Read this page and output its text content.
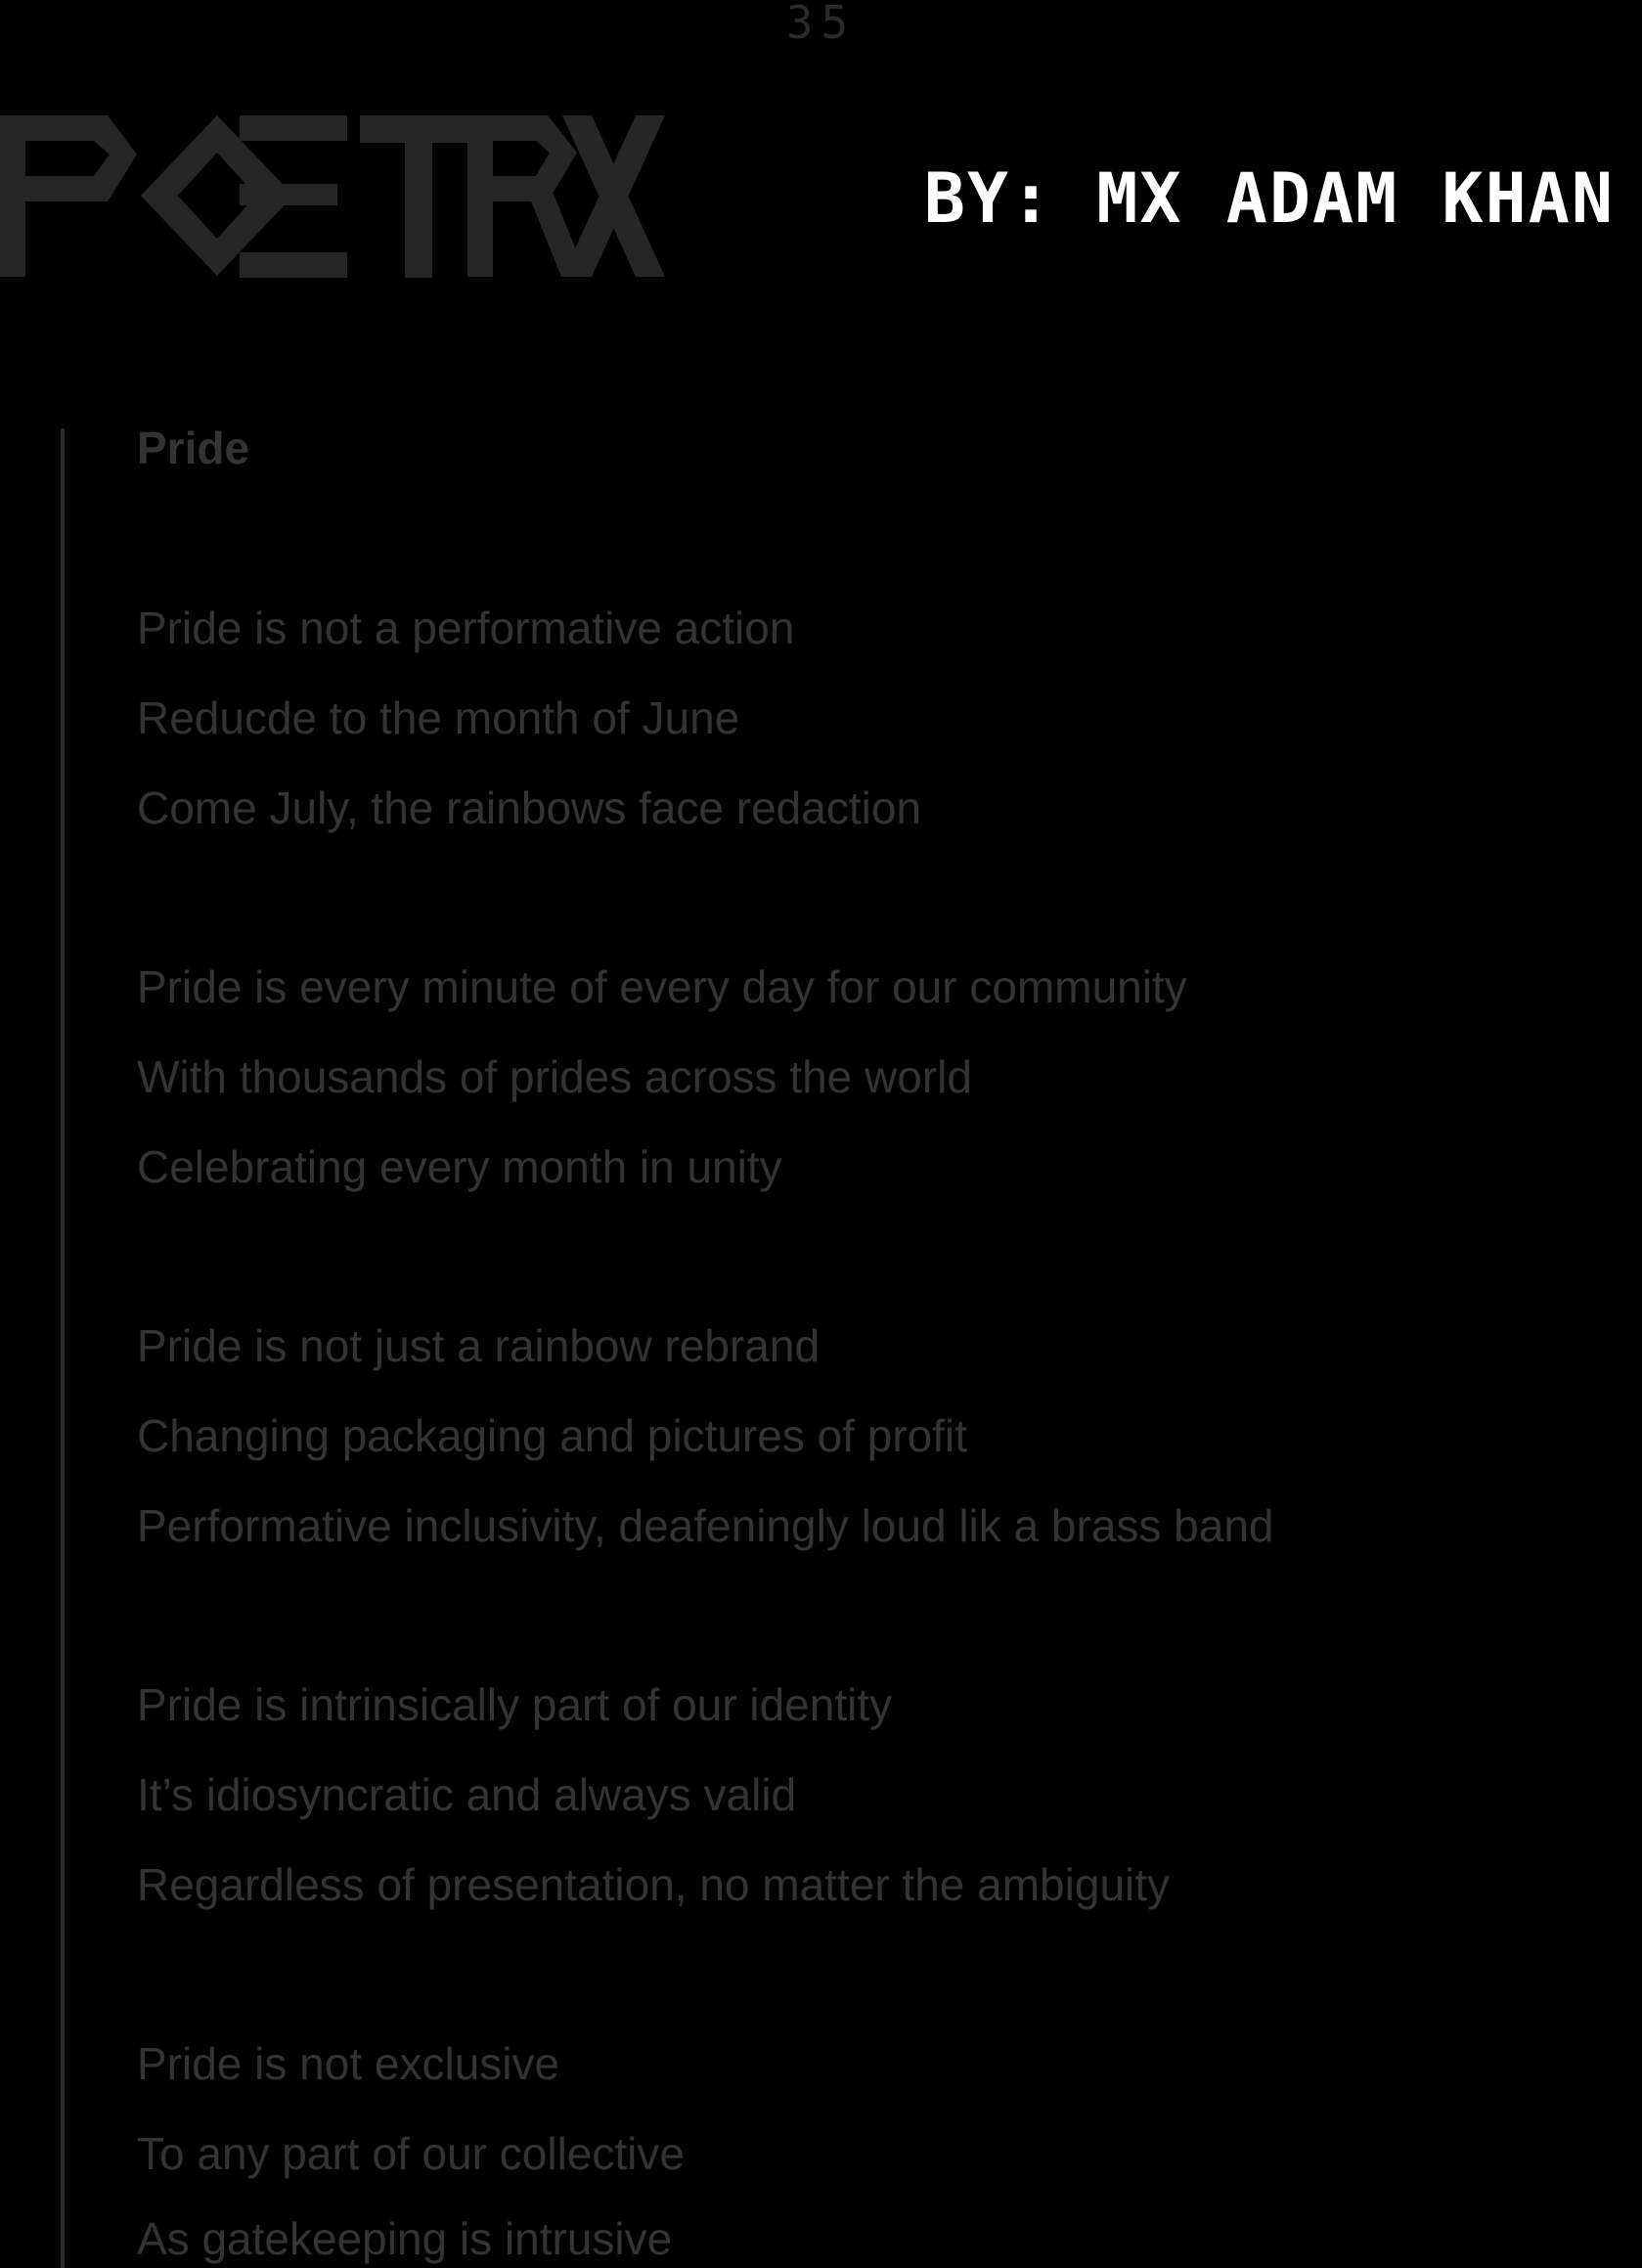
35
BY: MX ADAM KHAN
Pride
Pride is not a performative action
Reducde to the month of June
Come July, the rainbows face redaction
Pride is every minute of every day for our community
With thousands of prides across the world
Celebrating every month in unity
Pride is not just a rainbow rebrand
Changing packaging and pictures of profit
Performative inclusivity, deafeningly loud lik a brass band
Pride is intrinsically part of our identity
It’s idiosyncratic and always valid
Regardless of presentation, no matter the ambiguity
Pride is not exclusive
To any part of our collective
As gatekeeping is intrusive
